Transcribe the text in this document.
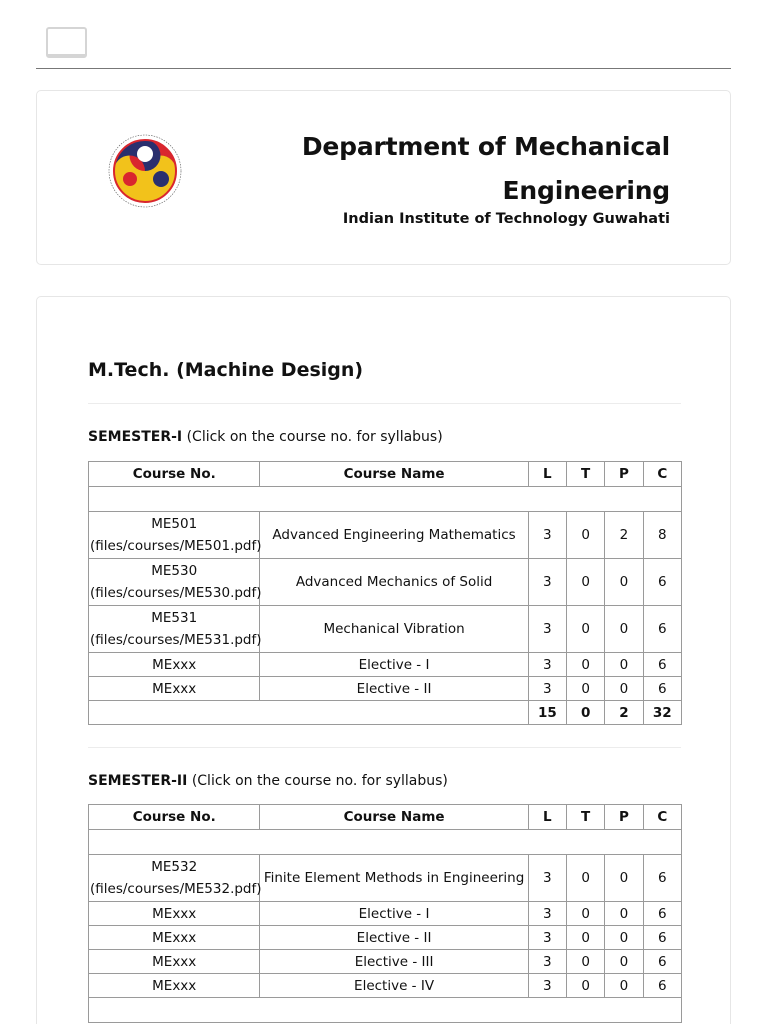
Department of Mechanical Engineering
Indian Institute of Technology Guwahati
M.Tech. (Machine Design)
SEMESTER-I (Click on the course no. for syllabus)
Course No.	Course Name	L	T	P	C

ME501
(files/courses/ME501.pdf)	Advanced Engineering Mathematics	3	0	2	8

ME530
(files/courses/ME530.pdf)	Advanced Mechanics of Solid	3	0	0	6

ME531
(files/courses/ME531.pdf)	Mechanical Vibration	3	0	0	6

MExxx	Elective - I	3	0	0	6

MExxx	Elective - II	3	0	0	6
		15	0	2	32
SEMESTER-II (Click on the course no. for syllabus)
Course No.	Course Name	L	T	P	C

ME532
(files/courses/ME532.pdf)	Finite Element Methods in Engineering	3	0	0	6

MExxx	Elective - I	3	0	0	6

MExxx	Elective - II	3	0	0	6

MExxx	Elective - III	3	0	0	6

MExxx	Elective - IV	3	0	0	6
